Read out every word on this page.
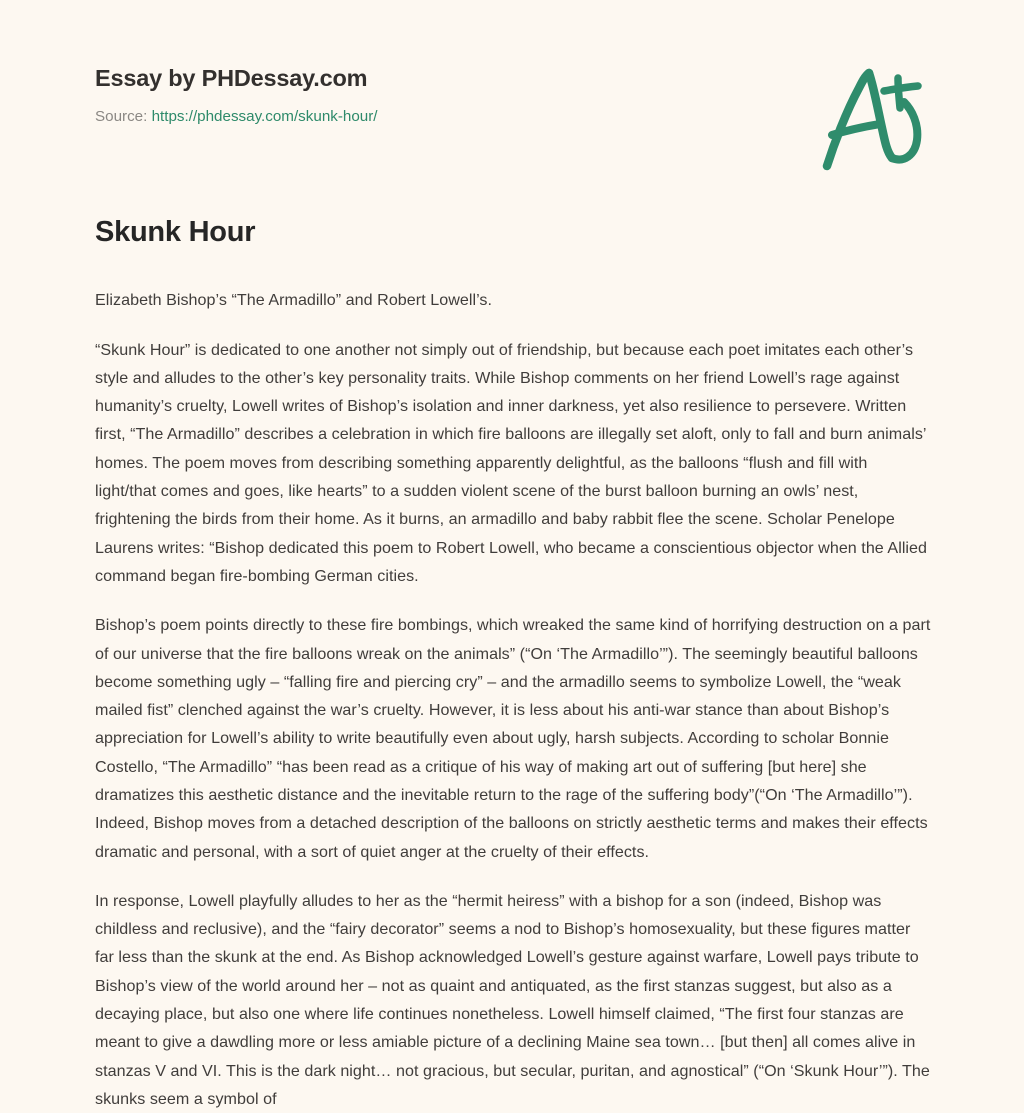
Essay by PHDessay.com
Source: https://phdessay.com/skunk-hour/
Skunk Hour

Elizabeth Bishop’s “The Armadillo” and Robert Lowell’s.

“Skunk Hour” is dedicated to one another not simply out of friendship, but because each poet imitates each other’s style and alludes to the other’s key personality traits. While Bishop comments on her friend Lowell’s rage against humanity’s cruelty, Lowell writes of Bishop’s isolation and inner darkness, yet also resilience to persevere. Written first, “The Armadillo” describes a celebration in which fire balloons are illegally set aloft, only to fall and burn animals’ homes. The poem moves from describing something apparently delightful, as the balloons “flush and fill with light/that comes and goes, like hearts” to a sudden violent scene of the burst balloon burning an owls’ nest, frightening the birds from their home. As it burns, an armadillo and baby rabbit flee the scene. Scholar Penelope Laurens writes: “Bishop dedicated this poem to Robert Lowell, who became a conscientious objector when the Allied command began fire-bombing German cities.

Bishop’s poem points directly to these fire bombings, which wreaked the same kind of horrifying destruction on a part of our universe that the fire balloons wreak on the animals” (“On ‘The Armadillo’”). The seemingly beautiful balloons become something ugly – “falling fire and piercing cry” – and the armadillo seems to symbolize Lowell, the “weak mailed fist” clenched against the war’s cruelty. However, it is less about his anti-war stance than about Bishop’s appreciation for Lowell’s ability to write beautifully even about ugly, harsh subjects. According to scholar Bonnie Costello, “The Armadillo” “has been read as a critique of his way of making art out of suffering [but here] she dramatizes this aesthetic distance and the inevitable return to the rage of the suffering body”(“On ‘The Armadillo’”). Indeed, Bishop moves from a detached description of the balloons on strictly aesthetic terms and makes their effects dramatic and personal, with a sort of quiet anger at the cruelty of their effects.

In response, Lowell playfully alludes to her as the “hermit heiress” with a bishop for a son (indeed, Bishop was childless and reclusive), and the “fairy decorator” seems a nod to Bishop’s homosexuality, but these figures matter far less than the skunk at the end. As Bishop acknowledged Lowell’s gesture against warfare, Lowell pays tribute to Bishop’s view of the world around her – not as quaint and antiquated, as the first stanzas suggest, but also as a decaying place, but also one where life continues nonetheless. Lowell himself claimed, “The first four stanzas are meant to give a dawdling more or less amiable picture of a declining Maine sea town… [but then] all comes alive in stanzas V and VI. This is the dark night… not gracious, but secular, puritan, and agnostical” (“On ‘Skunk Hour’”). The skunks seem a symbol of
